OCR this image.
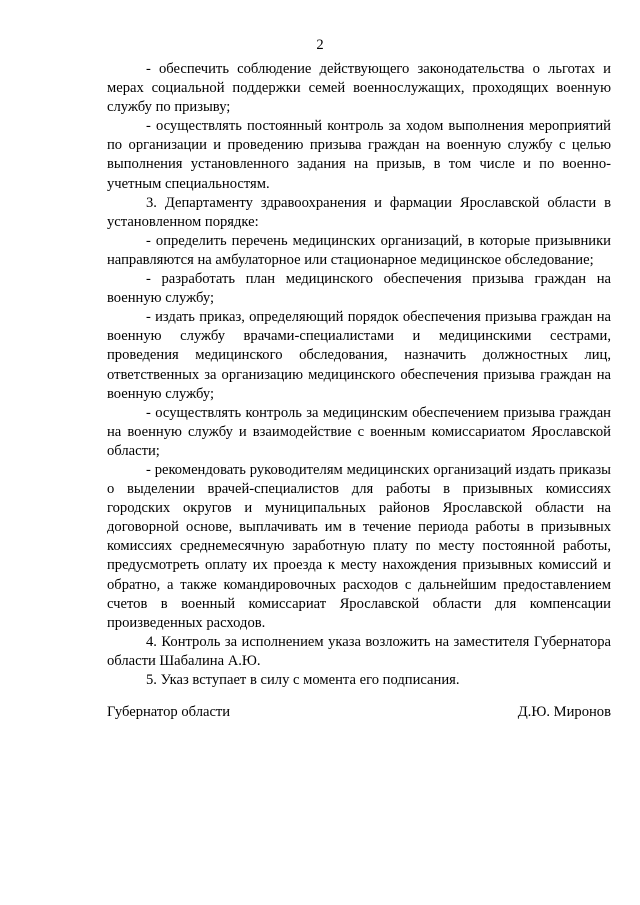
2

- обеспечить соблюдение действующего законодательства о льготах и мерах социальной поддержки семей военнослужащих, проходящих военную службу по призыву;

- осуществлять постоянный контроль за ходом выполнения мероприятий по организации и проведению призыва граждан на военную службу с целью выполнения установленного задания на призыв, в том числе и по военно-учетным специальностям.

3. Департаменту здравоохранения и фармации Ярославской области в установленном порядке:

- определить перечень медицинских организаций, в которые призывники направляются на амбулаторное или стационарное медицинское обследование;

- разработать план медицинского обеспечения призыва граждан на военную службу;

- издать приказ, определяющий порядок обеспечения призыва граждан на военную службу врачами-специалистами и медицинскими сестрами, проведения медицинского обследования, назначить должностных лиц, ответственных за организацию медицинского обеспечения призыва граждан на военную службу;

- осуществлять контроль за медицинским обеспечением призыва граждан на военную службу и взаимодействие с военным комиссариатом Ярославской области;

- рекомендовать руководителям медицинских организаций издать приказы о выделении врачей-специалистов для работы в призывных комиссиях городских округов и муниципальных районов Ярославской области на договорной основе, выплачивать им в течение периода работы в призывных комиссиях среднемесячную заработную плату по месту постоянной работы, предусмотреть оплату их проезда к месту нахождения призывных комиссий и обратно, а также командировочных расходов с дальнейшим предоставлением счетов в военный комиссариат Ярославской области для компенсации произведенных расходов.

4. Контроль за исполнением указа возложить на заместителя Губернатора области Шабалина А.Ю.

5. Указ вступает в силу с момента его подписания.

Губернатор области	Д.Ю. Миронов
